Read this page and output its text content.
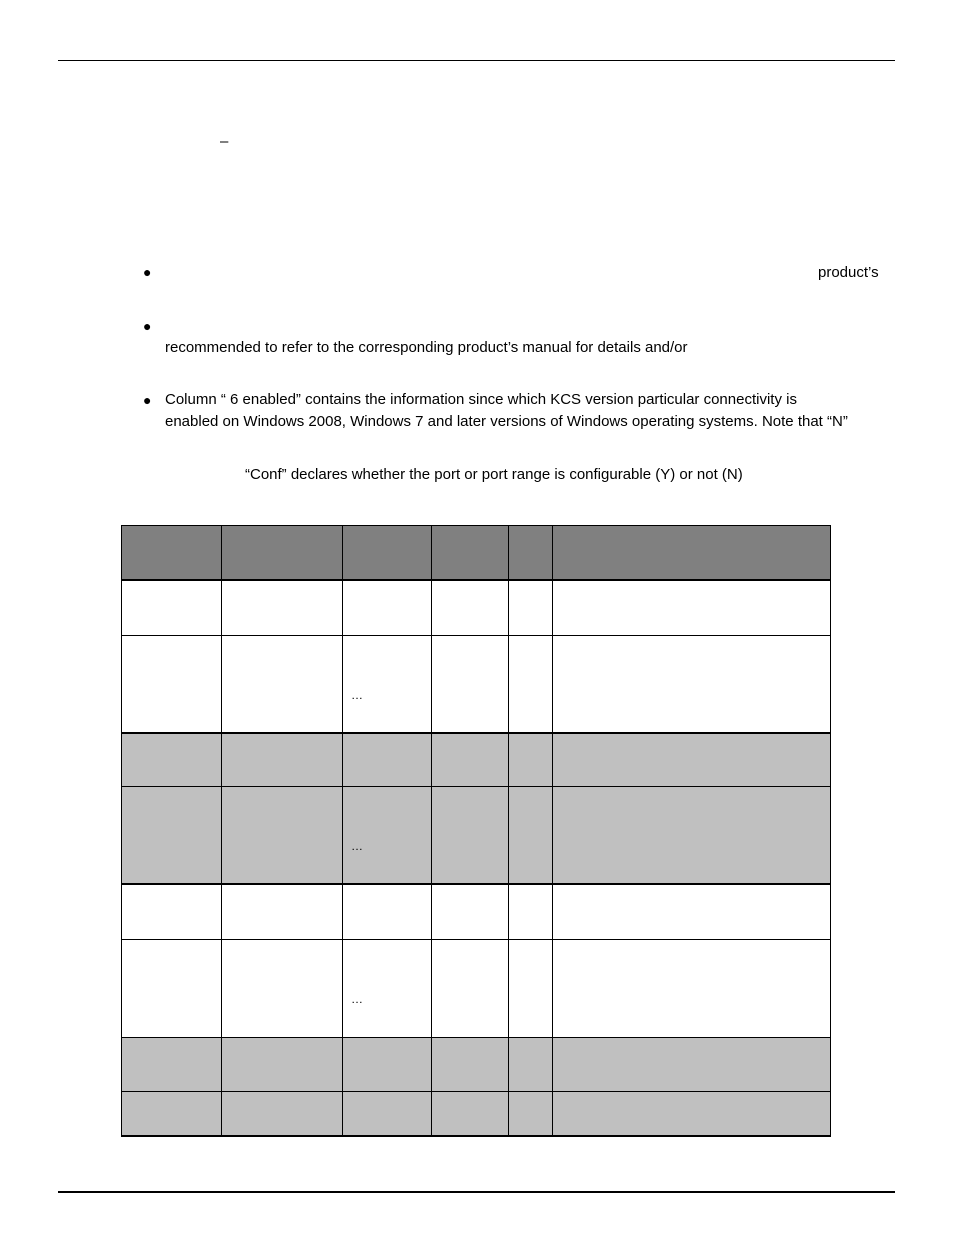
–
●	product’s
●
recommended to refer to the corresponding product’s manual for details and/or
● Column “ 6 enabled” contains the information since which KCS version particular connectivity is
enabled on Windows 2008, Windows 7 and later versions of Windows operating systems. Note that “N”
“Conf” declares whether the port or port range is configurable (Y) or not (N)

		…			

		…			

		…			
